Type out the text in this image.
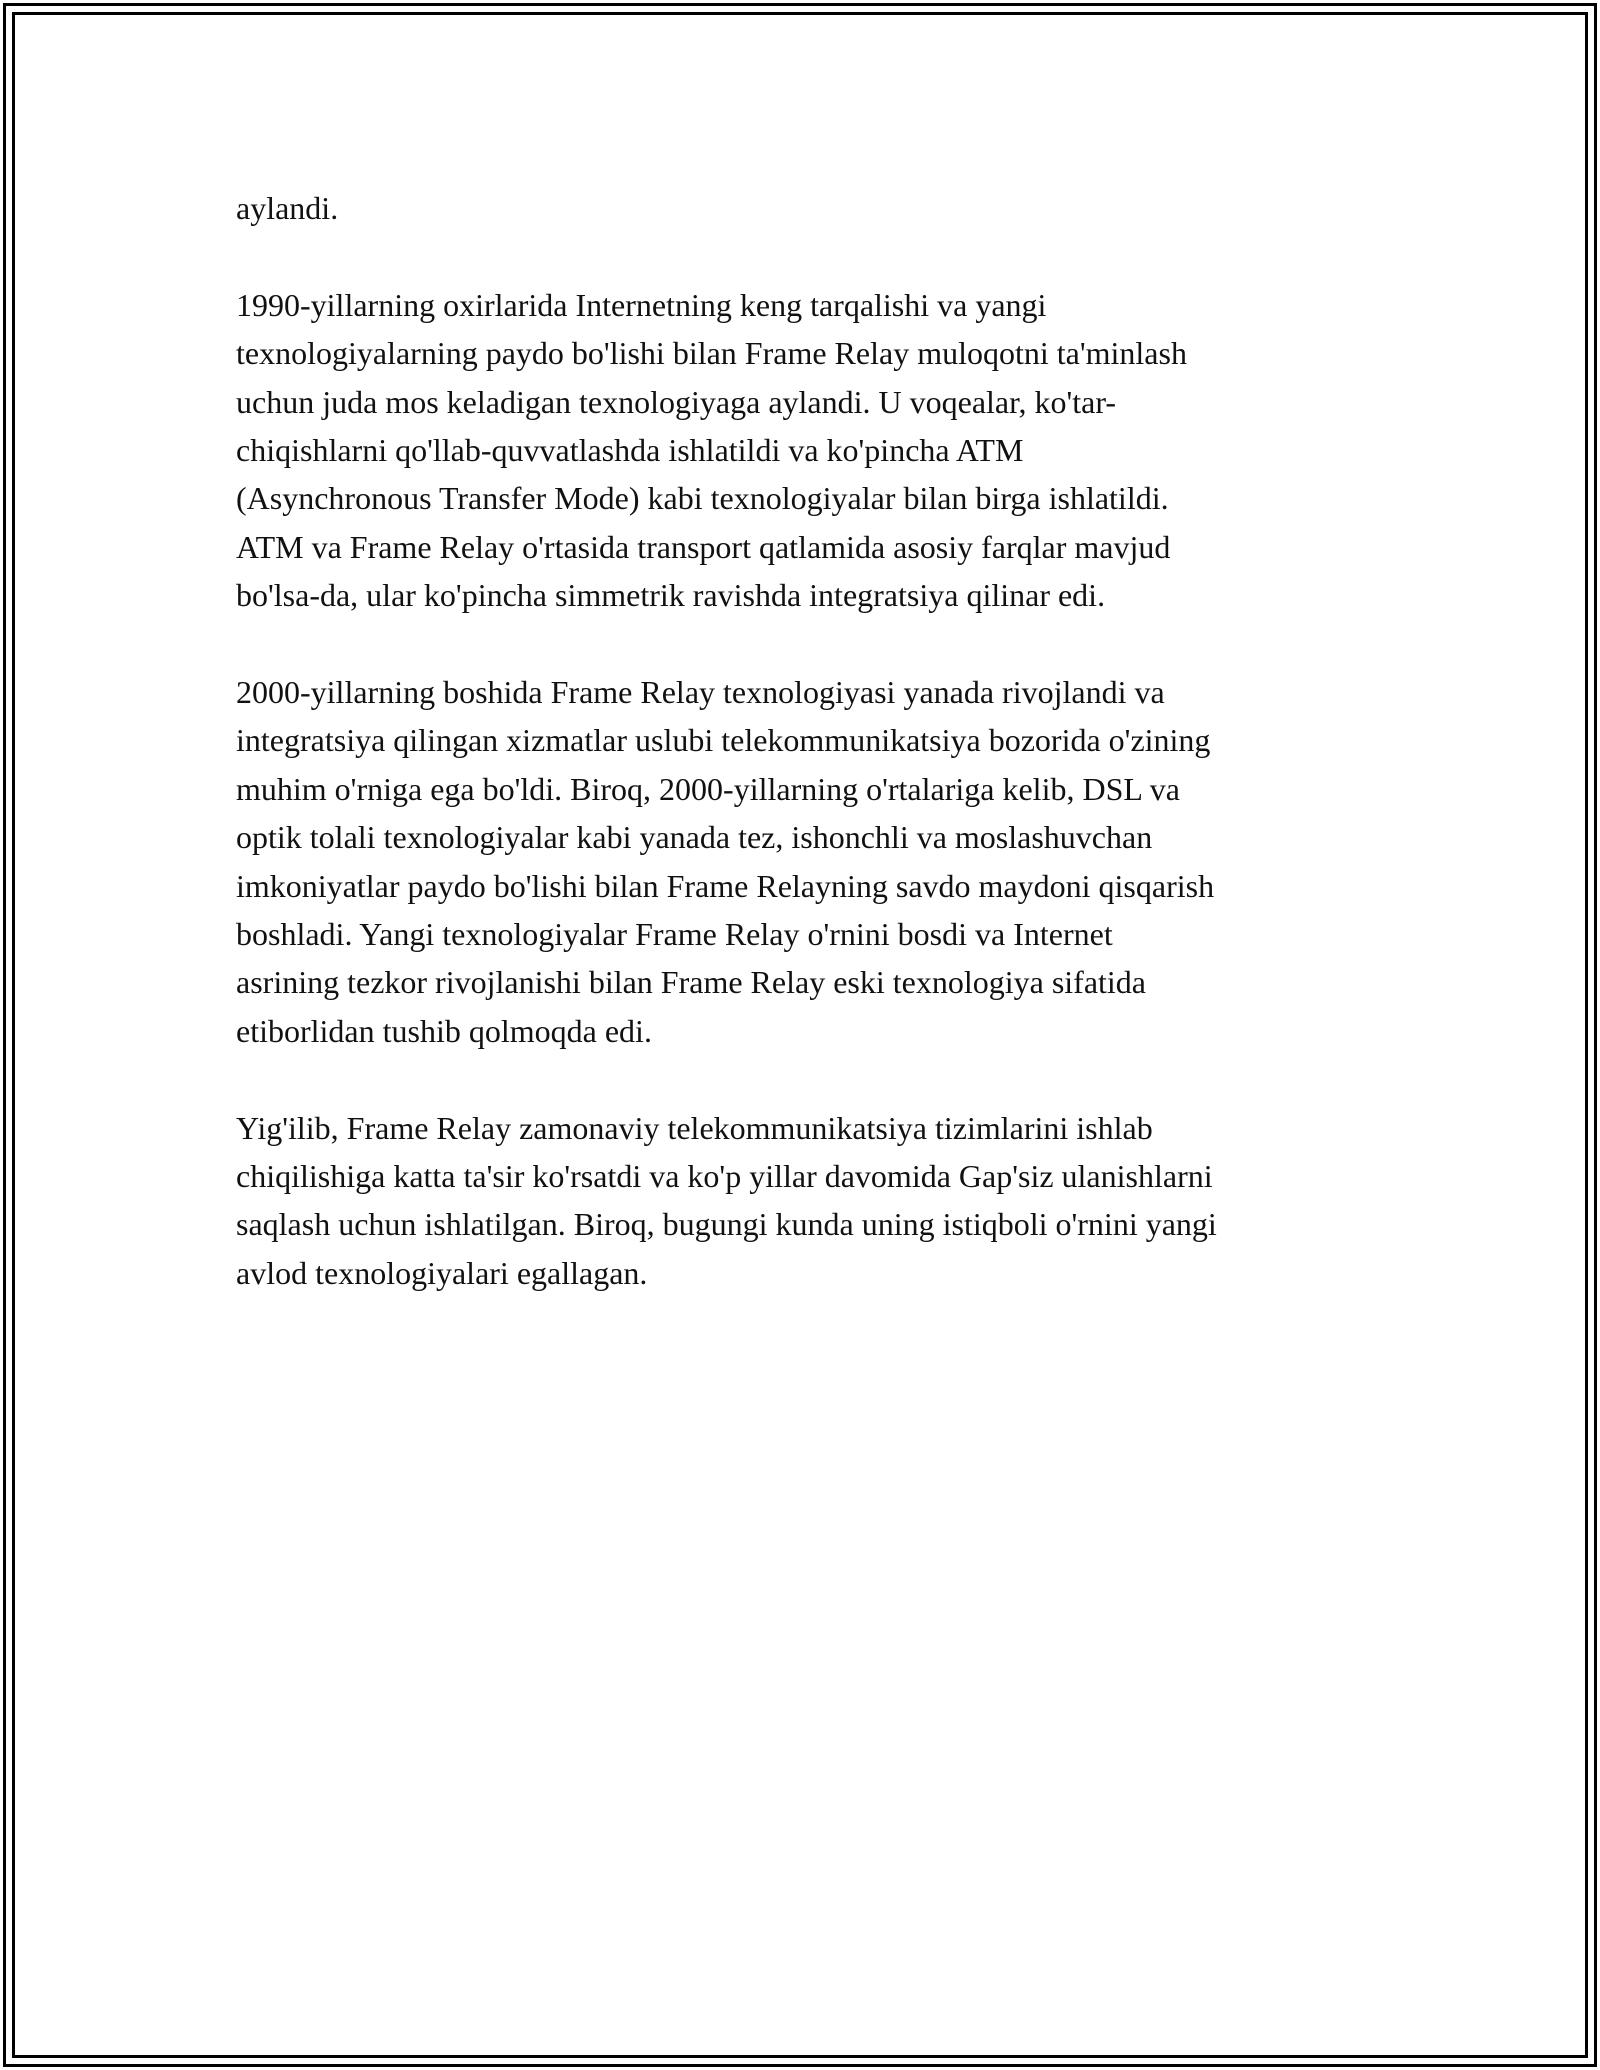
aylandi.

1990-yillarning oxirlarida Internetning keng tarqalishi va yangi
texnologiyalarning paydo bo'lishi bilan Frame Relay muloqotni ta'minlash
uchun juda mos keladigan texnologiyaga aylandi. U voqealar, ko'tar-
chiqishlarni qo'llab-quvvatlashda ishlatildi va ko'pincha ATM
(Asynchronous Transfer Mode) kabi texnologiyalar bilan birga ishlatildi.
ATM va Frame Relay o'rtasida transport qatlamida asosiy farqlar mavjud
bo'lsa-da, ular ko'pincha simmetrik ravishda integratsiya qilinar edi.

2000-yillarning boshida Frame Relay texnologiyasi yanada rivojlandi va
integratsiya qilingan xizmatlar uslubi telekommunikatsiya bozorida o'zining
muhim o'rniga ega bo'ldi. Biroq, 2000-yillarning o'rtalariga kelib, DSL va
optik tolali texnologiyalar kabi yanada tez, ishonchli va moslashuvchan
imkoniyatlar paydo bo'lishi bilan Frame Relayning savdo maydoni qisqarish
boshladi. Yangi texnologiyalar Frame Relay o'rnini bosdi va Internet
asrining tezkor rivojlanishi bilan Frame Relay eski texnologiya sifatida
etiborlidan tushib qolmoqda edi.

Yig'ilib, Frame Relay zamonaviy telekommunikatsiya tizimlarini ishlab
chiqilishiga katta ta'sir ko'rsatdi va ko'p yillar davomida Gap'siz ulanishlarni
saqlash uchun ishlatilgan. Biroq, bugungi kunda uning istiqboli o'rnini yangi
avlod texnologiyalari egallagan.
